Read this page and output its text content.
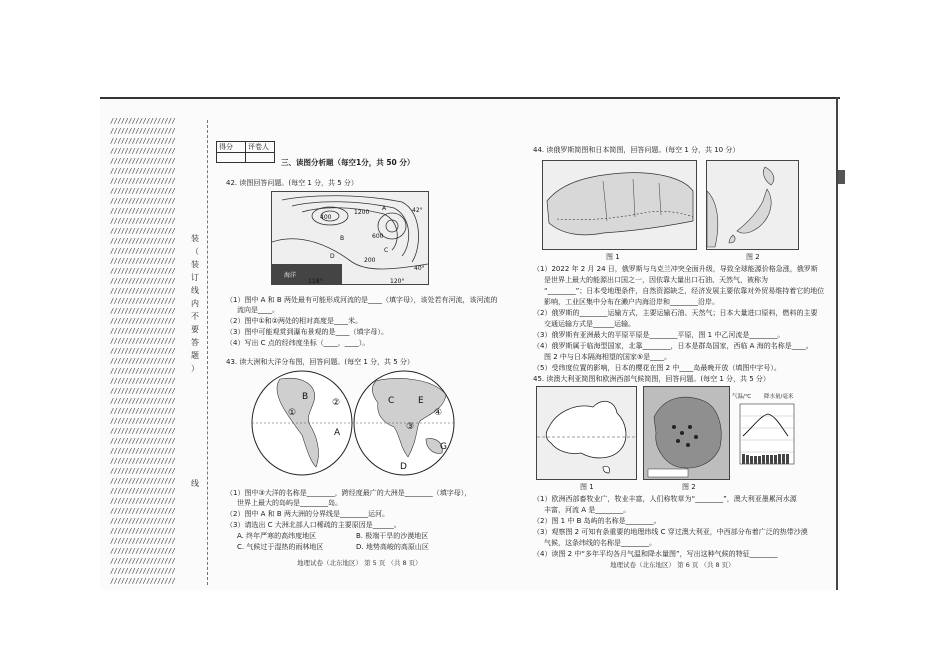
//////////////////
//////////////////
//////////////////
//////////////////
//////////////////
//////////////////
//////////////////
//////////////////
//////////////////
//////////////////
//////////////////
//////////////////
//////////////////
//////////////////
//////////////////
//////////////////
//////////////////
//////////////////
//////////////////
//////////////////
//////////////////
//////////////////
//////////////////
//////////////////
//////////////////
//////////////////
//////////////////
//////////////////
//////////////////
//////////////////
//////////////////
//////////////////
//////////////////
//////////////////
//////////////////
//////////////////
//////////////////
//////////////////
//////////////////
//////////////////
//////////////////
//////////////////
//////////////////
//////////////////
//////////////////
//////////////////
//////////////////
装
（
装
订
线
内
不
要
答
题
）
线
得分	评卷人

三、读图分析题（每空1分，共 50 分）
42. 读图回答问题。(每空 1 分，共 5 分）
400
1200
600
200
A
B
C
D
海洋
118°	120°
42°
40°
（1）图中 A 和 B 两处最有可能形成河流的是____（填字母），该处若有河流，该河流的
流向是____。
（2）图中①和②两处的相对高度是____米。
（3）图中可能观赏到瀑布景观的是____（填字母）。
（4）写出 C 点的经纬度坐标（____，____）。
43. 读大洲和大洋分布图，回答问题。(每空 1 分，共 5 分）
B
①
②
A
E
③
④
G
C
D
（1）图中③大洋的名称是________，跨经度最广的大洲是________（填字母），
世界上最大的岛屿是________岛。
（2）图中 A 和 B 两大洲的分界线是________运河。
（3）请选出 C 大洲北部人口稀疏的主要原因是______。
A. 终年严寒的高纬度地区	B. 极端干旱的沙漠地区
C. 气候过于湿热的雨林地区	D. 地势高峻的高原山区
地理试卷（北东地区） 第 5 页 （共 8 页）
44. 读俄罗斯简图和日本简图，回答问题。(每空 1 分，共 10 分）
图 1	图 2
（1）2022 年 2 月 24 日，俄罗斯与乌克兰冲突全面升级，导致全球能源价格急涨，俄罗斯
是世界上最大的能源出口国之一，因依靠大量出口石油、天然气，被称为
“________”；日本受地理条件，自然资源缺乏，经济发展主要依靠对外贸易维持着它的地位
影响，工业区集中分布在濑户内海沿岸和________沿岸。
（2）俄罗斯的________运输方式，主要运输石油、天然气；日本大量进口原料，燃料的主要
交通运输方式是______运输。
（3）俄罗斯有亚洲最大的平原平原是________平原，图 1 中乙河流是________。
（4）俄罗斯属于临海型国家，北靠________，日本是群岛国家，西临 A 海的名称是____。
图 2 中与日本隔海相望的国家⑤是____。
（5）受纬度位置的影响，日本的樱花在图 2 中____岛最晚开放（填图中字号）。
45. 读澳大利亚简图和欧洲西部气候简图，回答问题。(每空 1 分，共 5 分）
气温/℃ 降水量/毫米
图 1	图 2
（1）欧洲西部畜牧业广，牧业丰富，人们称牧草为“________”，澳大利亚墨累河水源
丰富，河流 A 是________。
（2）图 1 中 B 岛屿的名称是________。
（3）观察图 2 可知有条重要的地理纬线 C 穿过澳大利亚，中西部分布着广泛的热带沙漠
气候，这条纬线的名称是________。
（4）读图 2 中“多年平均各月气温和降水量图”，写出这种气候的特征________
地理试卷（北东地区） 第 6 页 （共 8 页）
